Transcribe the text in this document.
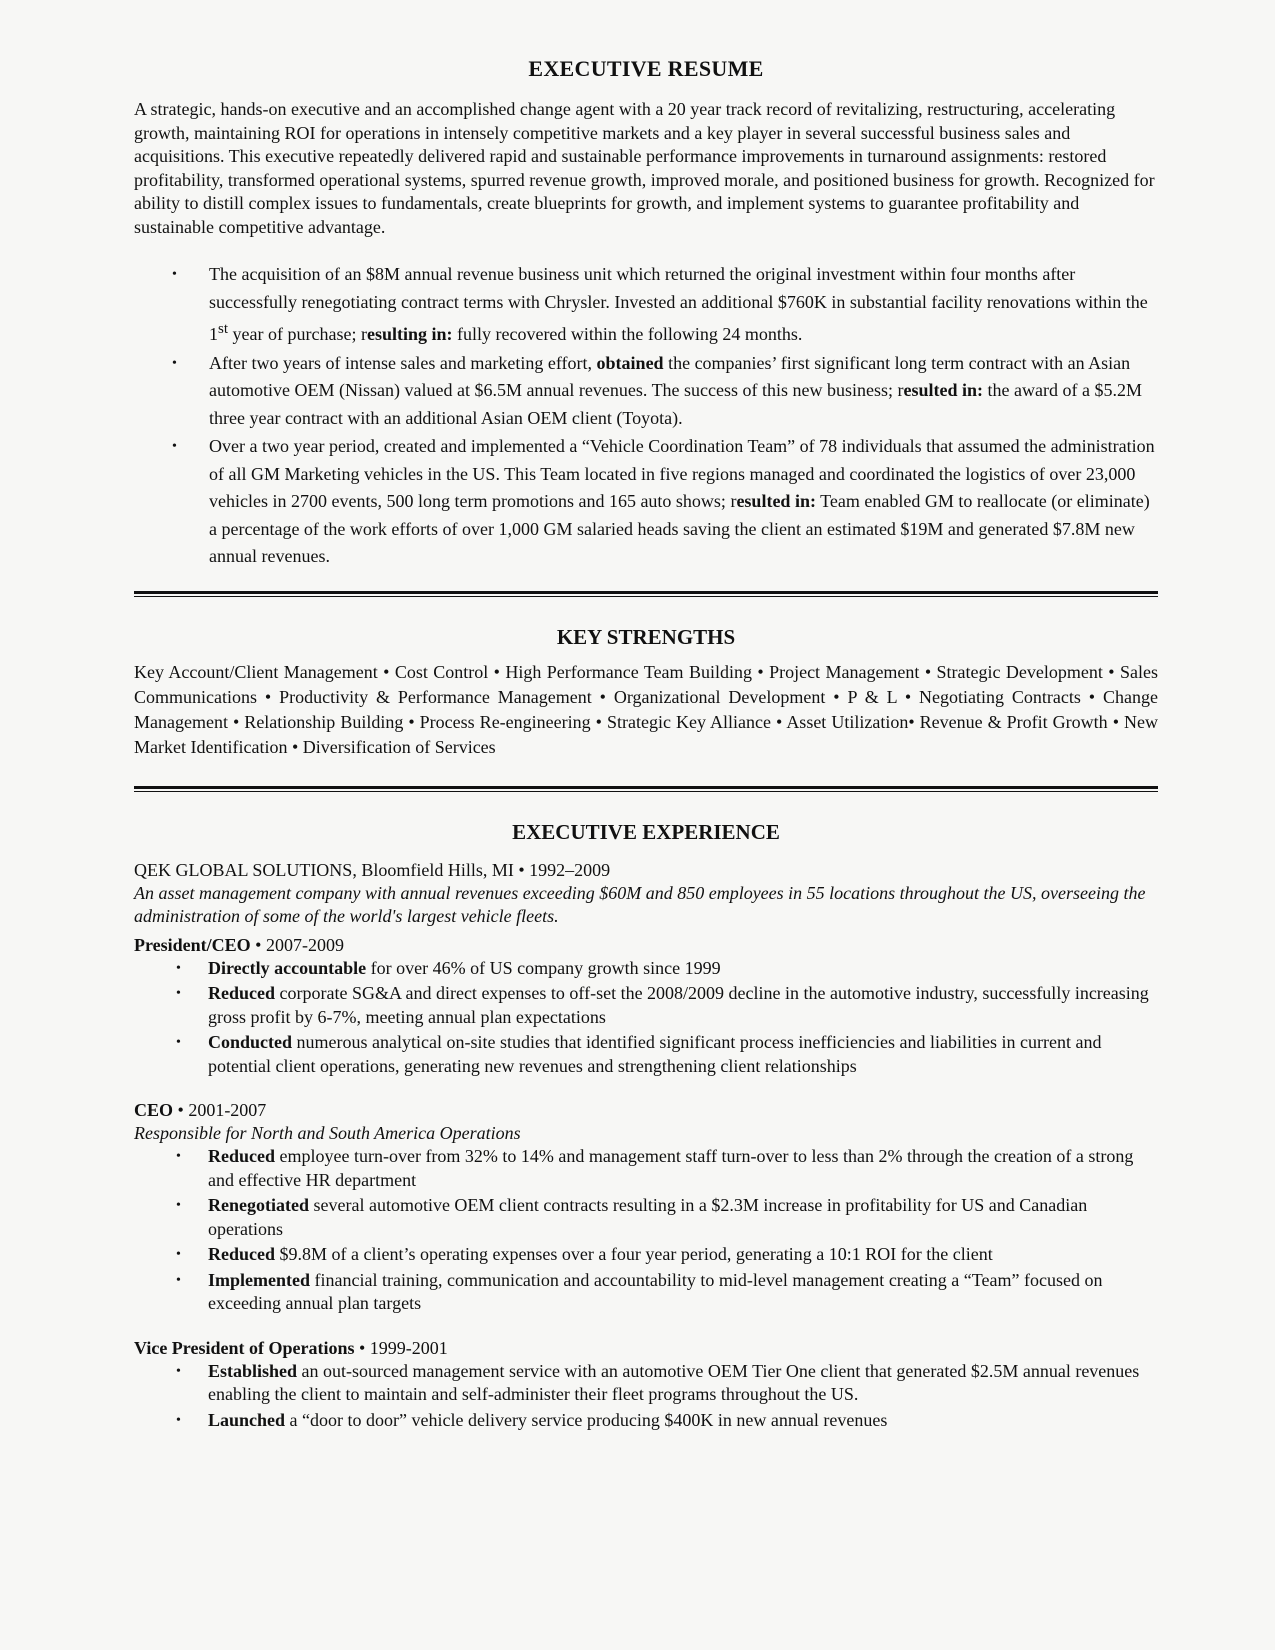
EXECUTIVE RESUME

A strategic, hands-on executive and an accomplished change agent with a 20 year track record of revitalizing, restructuring, accelerating growth, maintaining ROI for operations in intensely competitive markets and a key player in several successful business sales and acquisitions. This executive repeatedly delivered rapid and sustainable performance improvements in turnaround assignments: restored profitability, transformed operational systems, spurred revenue growth, improved morale, and positioned business for growth. Recognized for ability to distill complex issues to fundamentals, create blueprints for growth, and implement systems to guarantee profitability and sustainable competitive advantage.

• The acquisition of an $8M annual revenue business unit which returned the original investment within four months after successfully renegotiating contract terms with Chrysler. Invested an additional $760K in substantial facility renovations within the 1st year of purchase; resulting in: fully recovered within the following 24 months.
• After two years of intense sales and marketing effort, obtained the companies’ first significant long term contract with an Asian automotive OEM (Nissan) valued at $6.5M annual revenues. The success of this new business; resulted in: the award of a $5.2M three year contract with an additional Asian OEM client (Toyota).
• Over a two year period, created and implemented a “Vehicle Coordination Team” of 78 individuals that assumed the administration of all GM Marketing vehicles in the US. This Team located in five regions managed and coordinated the logistics of over 23,000 vehicles in 2700 events, 500 long term promotions and 165 auto shows; resulted in: Team enabled GM to reallocate (or eliminate) a percentage of the work efforts of over 1,000 GM salaried heads saving the client an estimated $19M and generated $7.8M new annual revenues.
KEY STRENGTHS

Key Account/Client Management • Cost Control • High Performance Team Building • Project Management • Strategic Development • Sales Communications • Productivity & Performance Management • Organizational Development • P & L • Negotiating Contracts • Change Management • Relationship Building • Process Re-engineering • Strategic Key Alliance • Asset Utilization• Revenue & Profit Growth • New Market Identification • Diversification of Services

EXECUTIVE EXPERIENCE

QEK GLOBAL SOLUTIONS, Bloomfield Hills, MI • 1992–2009

An asset management company with annual revenues exceeding $60M and 850 employees in 55 locations throughout the US, overseeing the administration of some of the world's largest vehicle fleets.

President/CEO • 2007-2009

• Directly accountable for over 46% of US company growth since 1999
• Reduced corporate SG&A and direct expenses to off-set the 2008/2009 decline in the automotive industry, successfully increasing gross profit by 6-7%, meeting annual plan expectations
• Conducted numerous analytical on-site studies that identified significant process inefficiencies and liabilities in current and potential client operations, generating new revenues and strengthening client relationships

CEO • 2001-2007

Responsible for North and South America Operations

• Reduced employee turn-over from 32% to 14% and management staff turn-over to less than 2% through the creation of a strong and effective HR department
• Renegotiated several automotive OEM client contracts resulting in a $2.3M increase in profitability for US and Canadian operations
• Reduced $9.8M of a client’s operating expenses over a four year period, generating a 10:1 ROI for the client
• Implemented financial training, communication and accountability to mid-level management creating a “Team” focused on exceeding annual plan targets

Vice President of Operations • 1999-2001

• Established an out-sourced management service with an automotive OEM Tier One client that generated $2.5M annual revenues enabling the client to maintain and self-administer their fleet programs throughout the US.
• Launched a “door to door” vehicle delivery service producing $400K in new annual revenues
